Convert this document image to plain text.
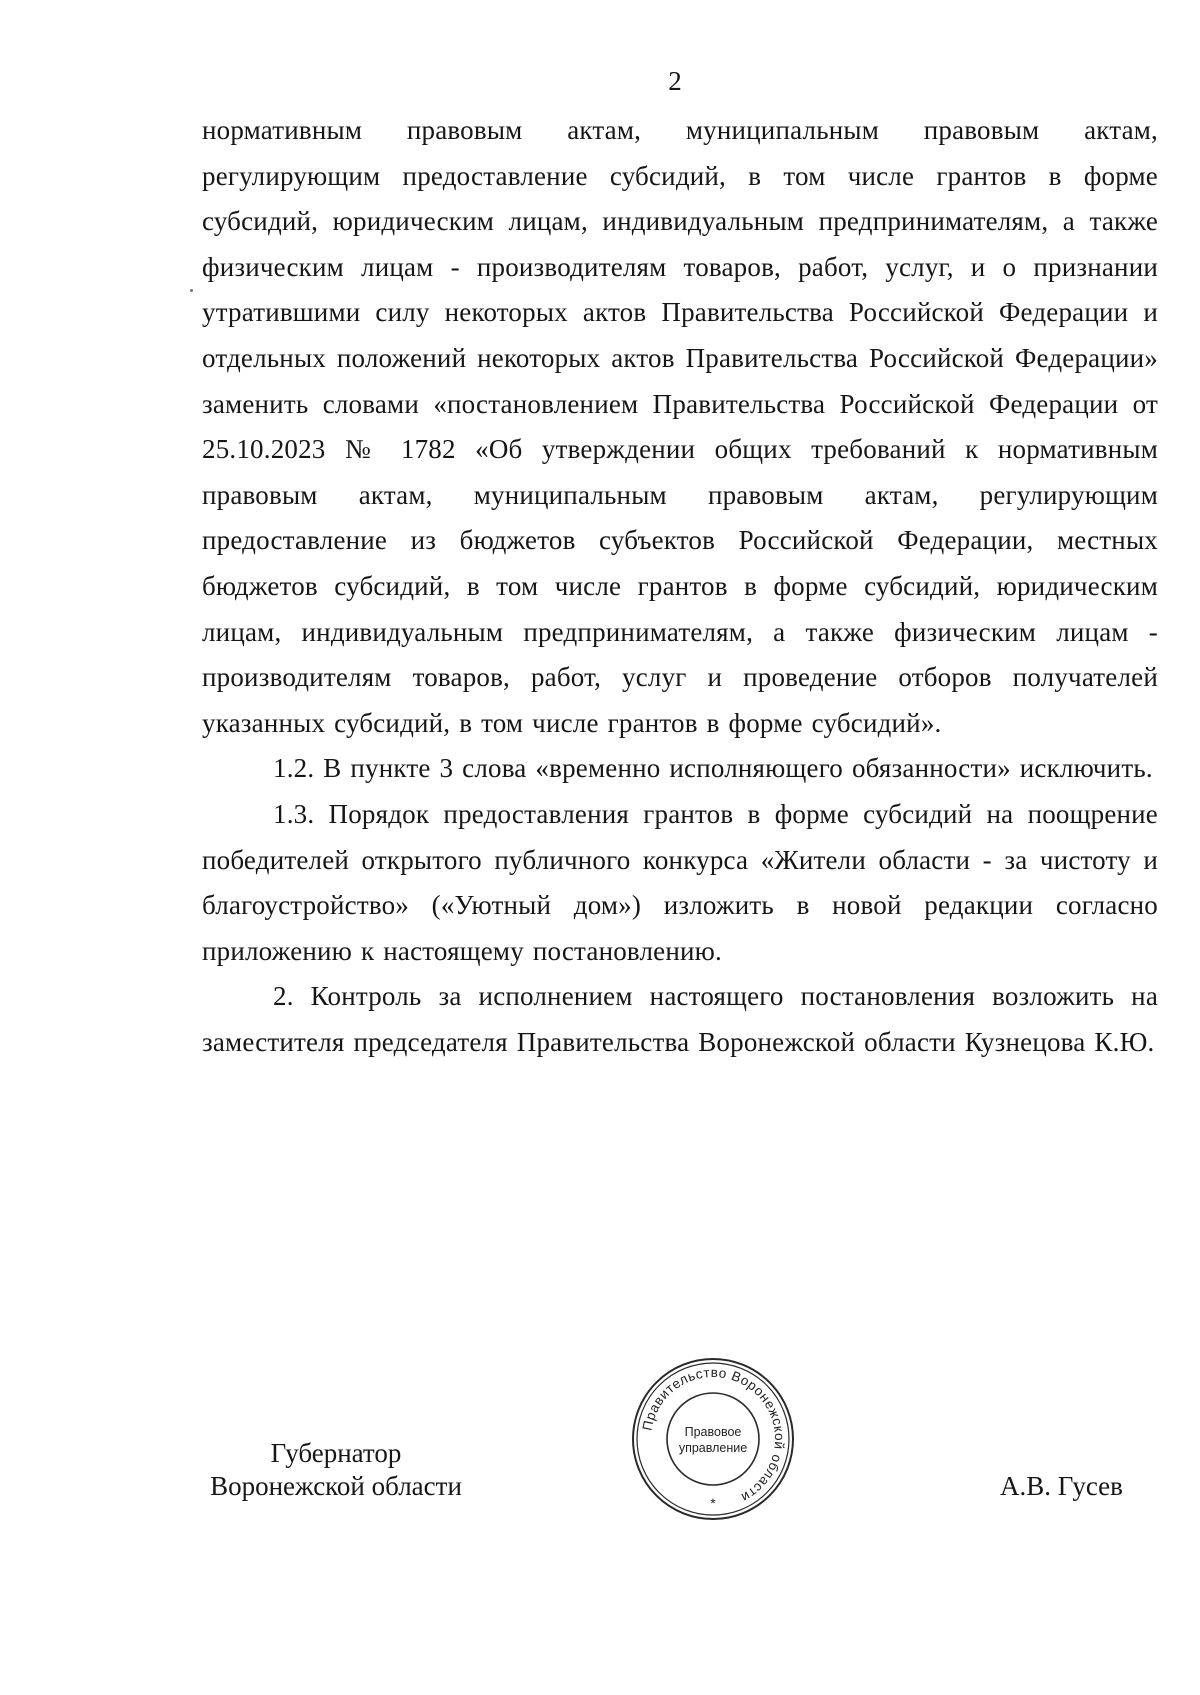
2

нормативным правовым актам, муниципальным правовым актам, регулирующим предоставление субсидий, в том числе грантов в форме субсидий, юридическим лицам, индивидуальным предпринимателям, а также физическим лицам - производителям товаров, работ, услуг, и о признании утратившими силу некоторых актов Правительства Российской Федерации и отдельных положений некоторых актов Правительства Российской Федерации» заменить словами «постановлением Правительства Российской Федерации от 25.10.2023 № 1782 «Об утверждении общих требований к нормативным правовым актам, муниципальным правовым актам, регулирующим предоставление из бюджетов субъектов Российской Федерации, местных бюджетов субсидий, в том числе грантов в форме субсидий, юридическим лицам, индивидуальным предпринимателям, а также физическим лицам - производителям товаров, работ, услуг и проведение отборов получателей указанных субсидий, в том числе грантов в форме субсидий».

1.2. В пункте 3 слова «временно исполняющего обязанности» исключить.

1.3. Порядок предоставления грантов в форме субсидий на поощрение победителей открытого публичного конкурса «Жители области - за чистоту и благоустройство» («Уютный дом») изложить в новой редакции согласно приложению к настоящему постановлению.

2. Контроль за исполнением настоящего постановления возложить на заместителя председателя Правительства Воронежской области Кузнецова К.Ю.

Губернатор
Воронежской области
Правительство Воронежской области
Правовое
управление
*
А.В. Гусев
